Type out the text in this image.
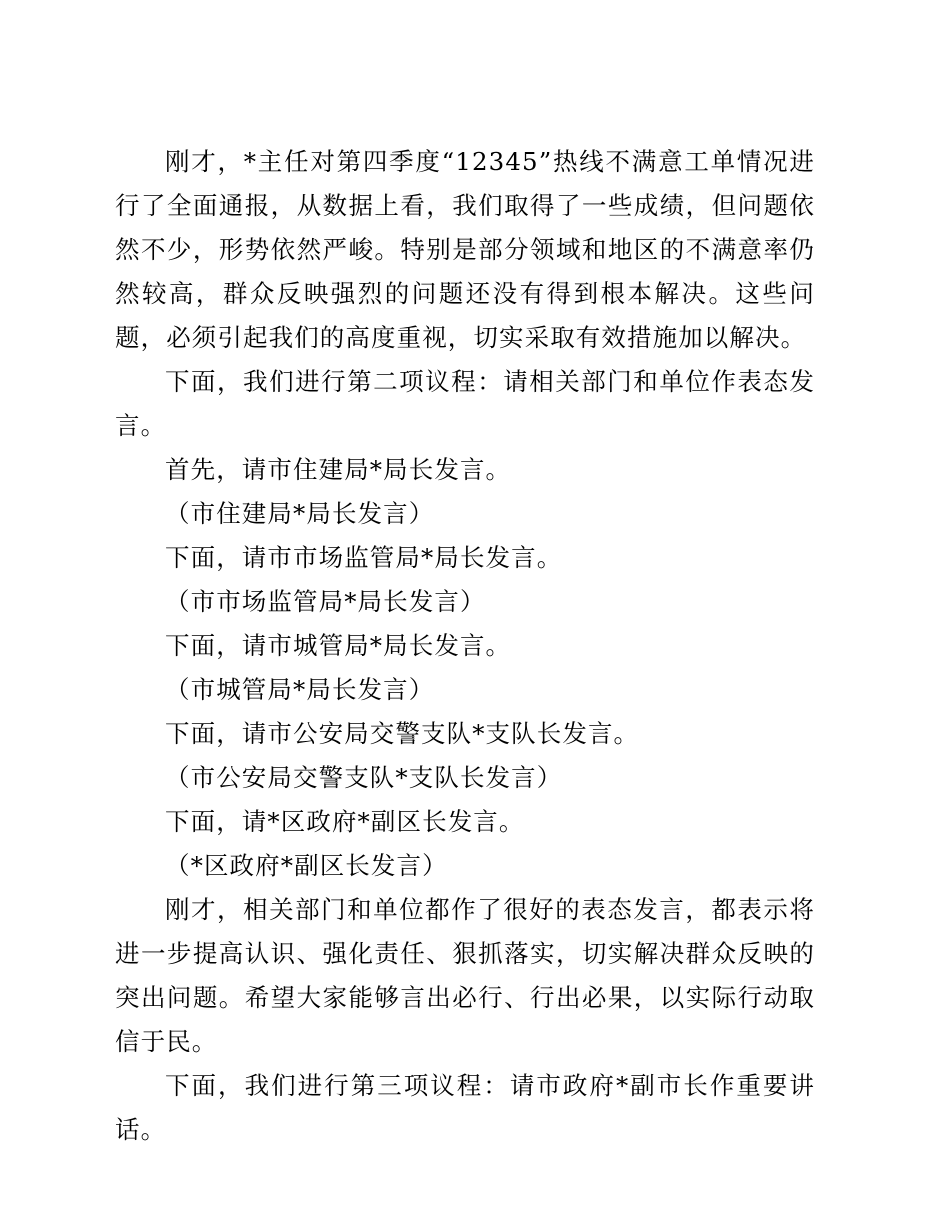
刚才，*主任对第四季度“12345”热线不满意工单情况进行了全面通报，从数据上看，我们取得了一些成绩，但问题依然不少，形势依然严峻。特别是部分领域和地区的不满意率仍然较高，群众反映强烈的问题还没有得到根本解决。这些问题，必须引起我们的高度重视，切实采取有效措施加以解决。

下面，我们进行第二项议程：请相关部门和单位作表态发言。

首先，请市住建局*局长发言。

（市住建局*局长发言）

下面，请市市场监管局*局长发言。

（市市场监管局*局长发言）

下面，请市城管局*局长发言。

（市城管局*局长发言）

下面，请市公安局交警支队*支队长发言。

（市公安局交警支队*支队长发言）

下面，请*区政府*副区长发言。

（*区政府*副区长发言）

刚才，相关部门和单位都作了很好的表态发言，都表示将进一步提高认识、强化责任、狠抓落实，切实解决群众反映的突出问题。希望大家能够言出必行、行出必果，以实际行动取信于民。

下面，我们进行第三项议程：请市政府*副市长作重要讲话。
